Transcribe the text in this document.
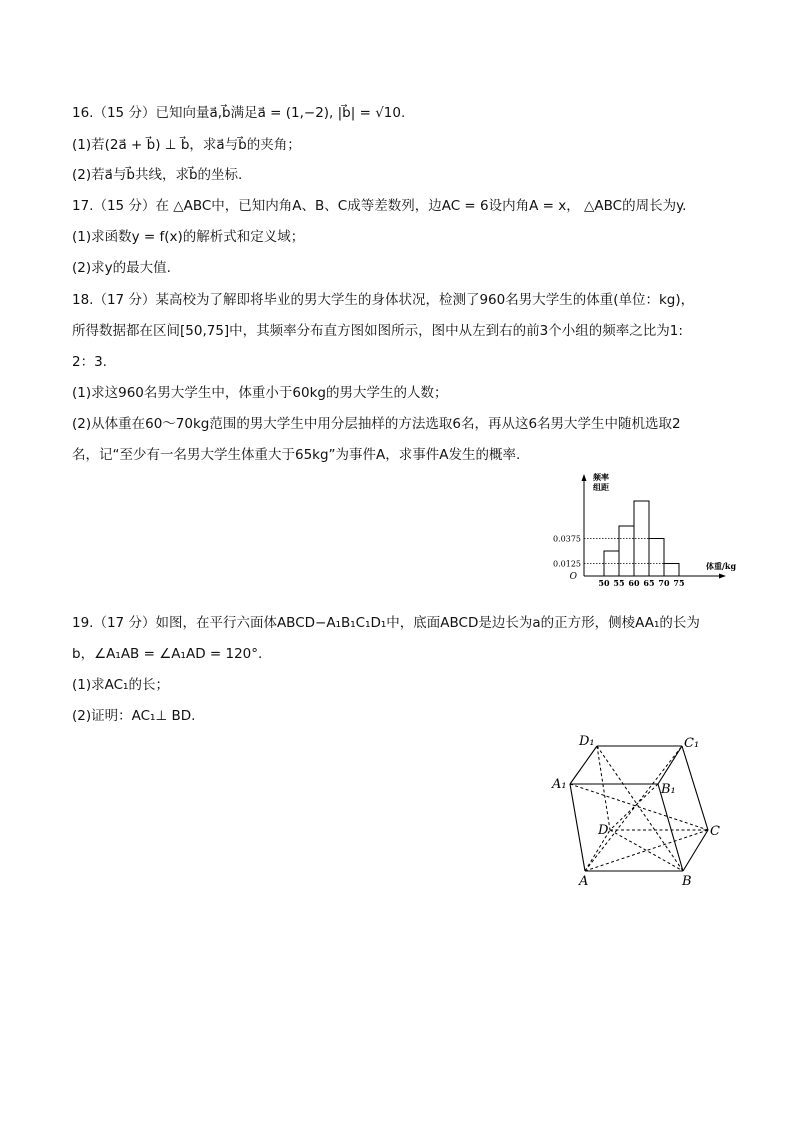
16.（15 分）已知向量a⃗,b⃗满足a⃗ = (1,−2), |b⃗| = √10.
(1)若(2a⃗ + b⃗) ⊥ b⃗，求a⃗与b⃗的夹角；
(2)若a⃗与b⃗共线，求b⃗的坐标.
17.（15 分）在 △ABC中，已知内角A、B、C成等差数列，边AC = 6设内角A = x， △ABC的周长为y.
(1)求函数y = f(x)的解析式和定义域；
(2)求y的最大值.
18.（17 分）某高校为了解即将毕业的男大学生的身体状况，检测了960名男大学生的体重(单位：kg)，
所得数据都在区间[50,75]中，其频率分布直方图如图所示，图中从左到右的前3个小组的频率之比为1:
2：3.
(1)求这960名男大学生中，体重小于60kg的男大学生的人数；
(2)从体重在60～70kg范围的男大学生中用分层抽样的方法选取6名，再从这6名男大学生中随机选取2
名，记“至少有一名男大学生体重大于65kg”为事件A，求事件A发生的概率.
频率
组距
O
0.0375
0.0125
50 55 60 65 70 75
体重/kg
19.（17 分）如图，在平行六面体ABCD−A₁B₁C₁D₁中，底面ABCD是边长为a的正方形，侧棱AA₁的长为
b，∠A₁AB = ∠A₁AD = 120°.
(1)求AC₁的长；
(2)证明：AC₁⊥ BD.
D₁	C₁
A₁	B₁
D	C
A	B
